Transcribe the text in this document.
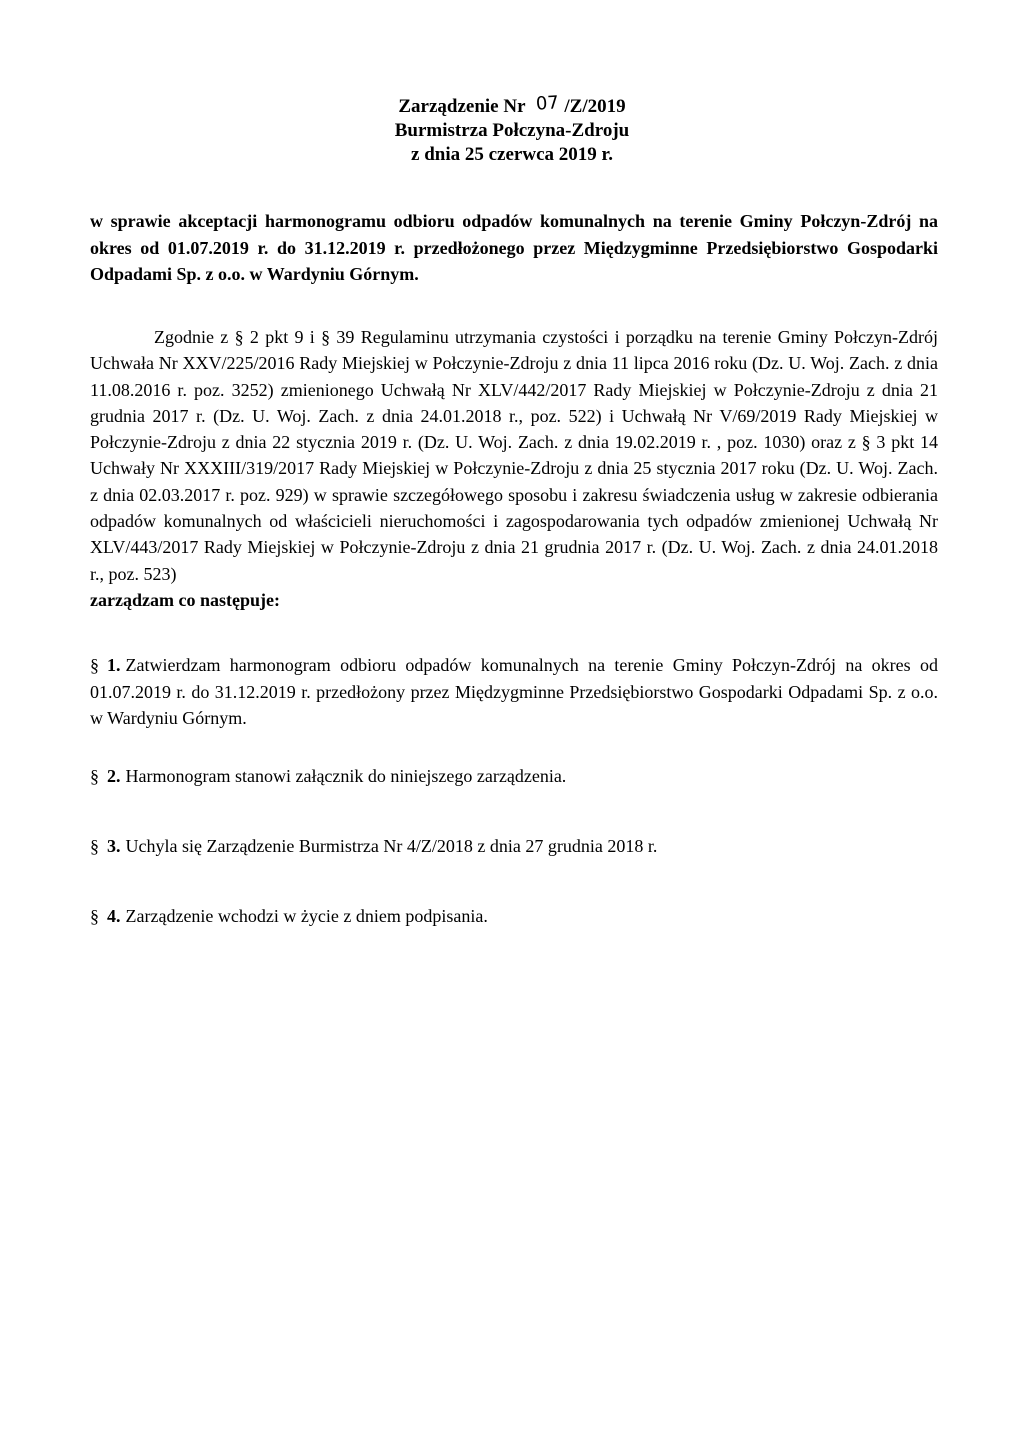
Zarządzenie Nr 07 /Z/2019
Burmistrza Połczyna-Zdroju
z dnia 25 czerwca 2019 r.
w sprawie akceptacji harmonogramu odbioru odpadów komunalnych na terenie Gminy Połczyn-Zdrój na okres od 01.07.2019 r. do 31.12.2019 r. przedłożonego przez Międzygminne Przedsiębiorstwo Gospodarki Odpadami Sp. z o.o. w Wardyniu Górnym.
Zgodnie z § 2 pkt 9 i § 39 Regulaminu utrzymania czystości i porządku na terenie Gminy Połczyn-Zdrój Uchwała Nr XXV/225/2016 Rady Miejskiej w Połczynie-Zdroju z dnia 11 lipca 2016 roku (Dz. U. Woj. Zach. z dnia 11.08.2016 r. poz. 3252) zmienionego Uchwałą Nr XLV/442/2017 Rady Miejskiej w Połczynie-Zdroju z dnia 21 grudnia 2017 r. (Dz. U. Woj. Zach. z dnia 24.01.2018 r., poz. 522) i Uchwałą Nr V/69/2019 Rady Miejskiej w Połczynie-Zdroju z dnia 22 stycznia 2019 r. (Dz. U. Woj. Zach. z dnia 19.02.2019 r. , poz. 1030) oraz z § 3 pkt 14 Uchwały Nr XXXIII/319/2017 Rady Miejskiej w Połczynie-Zdroju z dnia 25 stycznia 2017 roku (Dz. U. Woj. Zach. z dnia 02.03.2017 r. poz. 929) w sprawie szczegółowego sposobu i zakresu świadczenia usług w zakresie odbierania odpadów komunalnych od właścicieli nieruchomości i zagospodarowania tych odpadów zmienionej Uchwałą Nr XLV/443/2017 Rady Miejskiej w Połczynie-Zdroju z dnia 21 grudnia 2017 r. (Dz. U. Woj. Zach. z dnia 24.01.2018 r., poz. 523)
zarządzam co następuje:
§ 1. Zatwierdzam harmonogram odbioru odpadów komunalnych na terenie Gminy Połczyn-Zdrój na okres od 01.07.2019 r. do 31.12.2019 r. przedłożony przez Międzygminne Przedsiębiorstwo Gospodarki Odpadami Sp. z o.o. w Wardyniu Górnym.
§ 2. Harmonogram stanowi załącznik do niniejszego zarządzenia.
§ 3. Uchyla się Zarządzenie Burmistrza Nr 4/Z/2018 z dnia 27 grudnia 2018 r.
§ 4. Zarządzenie wchodzi w życie z dniem podpisania.
